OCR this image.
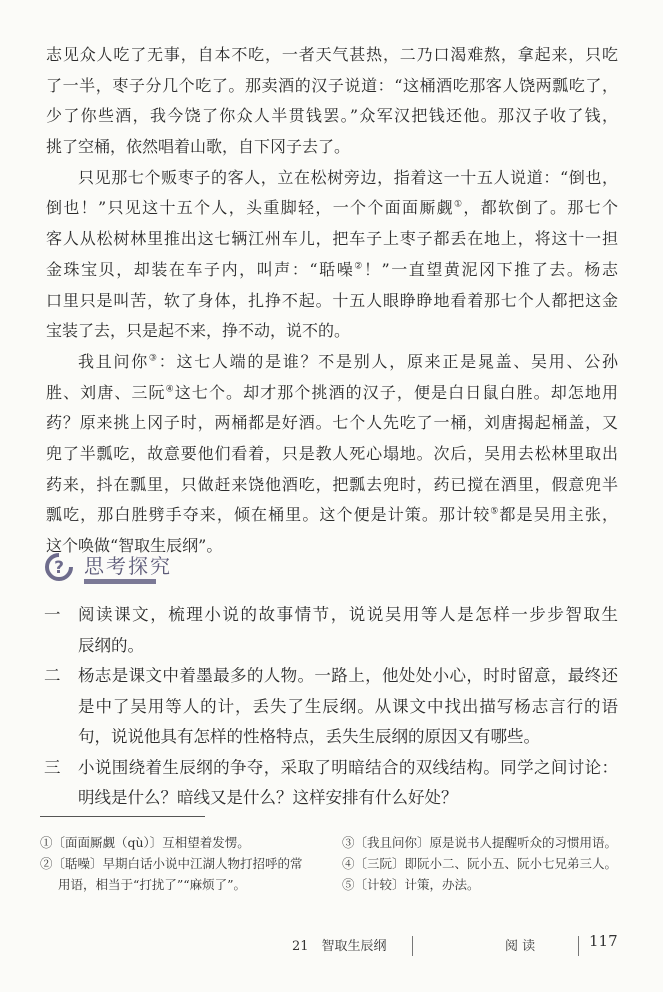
志见众人吃了无事，自本不吃，一者天气甚热，二乃口渴难熬，拿起来，只吃
了一半，枣子分几个吃了。那卖酒的汉子说道：“这桶酒吃那客人饶两瓢吃了，
少了你些酒，我今饶了你众人半贯钱罢。”众军汉把钱还他。那汉子收了钱，
挑了空桶，依然唱着山歌，自下冈子去了。
只见那七个贩枣子的客人，立在松树旁边，指着这一十五人说道：“倒也，
倒也！”只见这十五个人，头重脚轻，一个个面面厮觑①，都软倒了。那七个
客人从松树林里推出这七辆江州车儿，把车子上枣子都丢在地上，将这十一担
金珠宝贝，却装在车子内，叫声：“聒噪②！”一直望黄泥冈下推了去。杨志
口里只是叫苦，软了身体，扎挣不起。十五人眼睁睁地看着那七个人都把这金
宝装了去，只是起不来，挣不动，说不的。
我且问你③：这七人端的是谁？不是别人，原来正是晁盖、吴用、公孙
胜、刘唐、三阮④这七个。却才那个挑酒的汉子，便是白日鼠白胜。却怎地用
药？原来挑上冈子时，两桶都是好酒。七个人先吃了一桶，刘唐揭起桶盖，又
兜了半瓢吃，故意要他们看着，只是教人死心塌地。次后，吴用去松林里取出
药来，抖在瓢里，只做赶来饶他酒吃，把瓢去兜时，药已搅在酒里，假意兜半
瓢吃，那白胜劈手夺来，倾在桶里。这个便是计策。那计较⑤都是吴用主张，
这个唤做“智取生辰纲”。
? 思考探究
一 阅读课文，梳理小说的故事情节，说说吴用等人是怎样一步步智取生
辰纲的。
二 杨志是课文中着墨最多的人物。一路上，他处处小心，时时留意，最终还
是中了吴用等人的计，丢失了生辰纲。从课文中找出描写杨志言行的语
句，说说他具有怎样的性格特点，丢失生辰纲的原因又有哪些。
三 小说围绕着生辰纲的争夺，采取了明暗结合的双线结构。同学之间讨论：
明线是什么？暗线又是什么？这样安排有什么好处？
①〔面面厮觑（qù）〕互相望着发愣。
②〔聒噪〕早期白话小说中江湖人物打招呼的常
用语，相当于“打扰了”“麻烦了”。
③〔我且问你〕原是说书人提醒听众的习惯用语。
④〔三阮〕即阮小二、阮小五、阮小七兄弟三人。
⑤〔计较〕计策，办法。
21　智取生辰纲	阅 读	117
